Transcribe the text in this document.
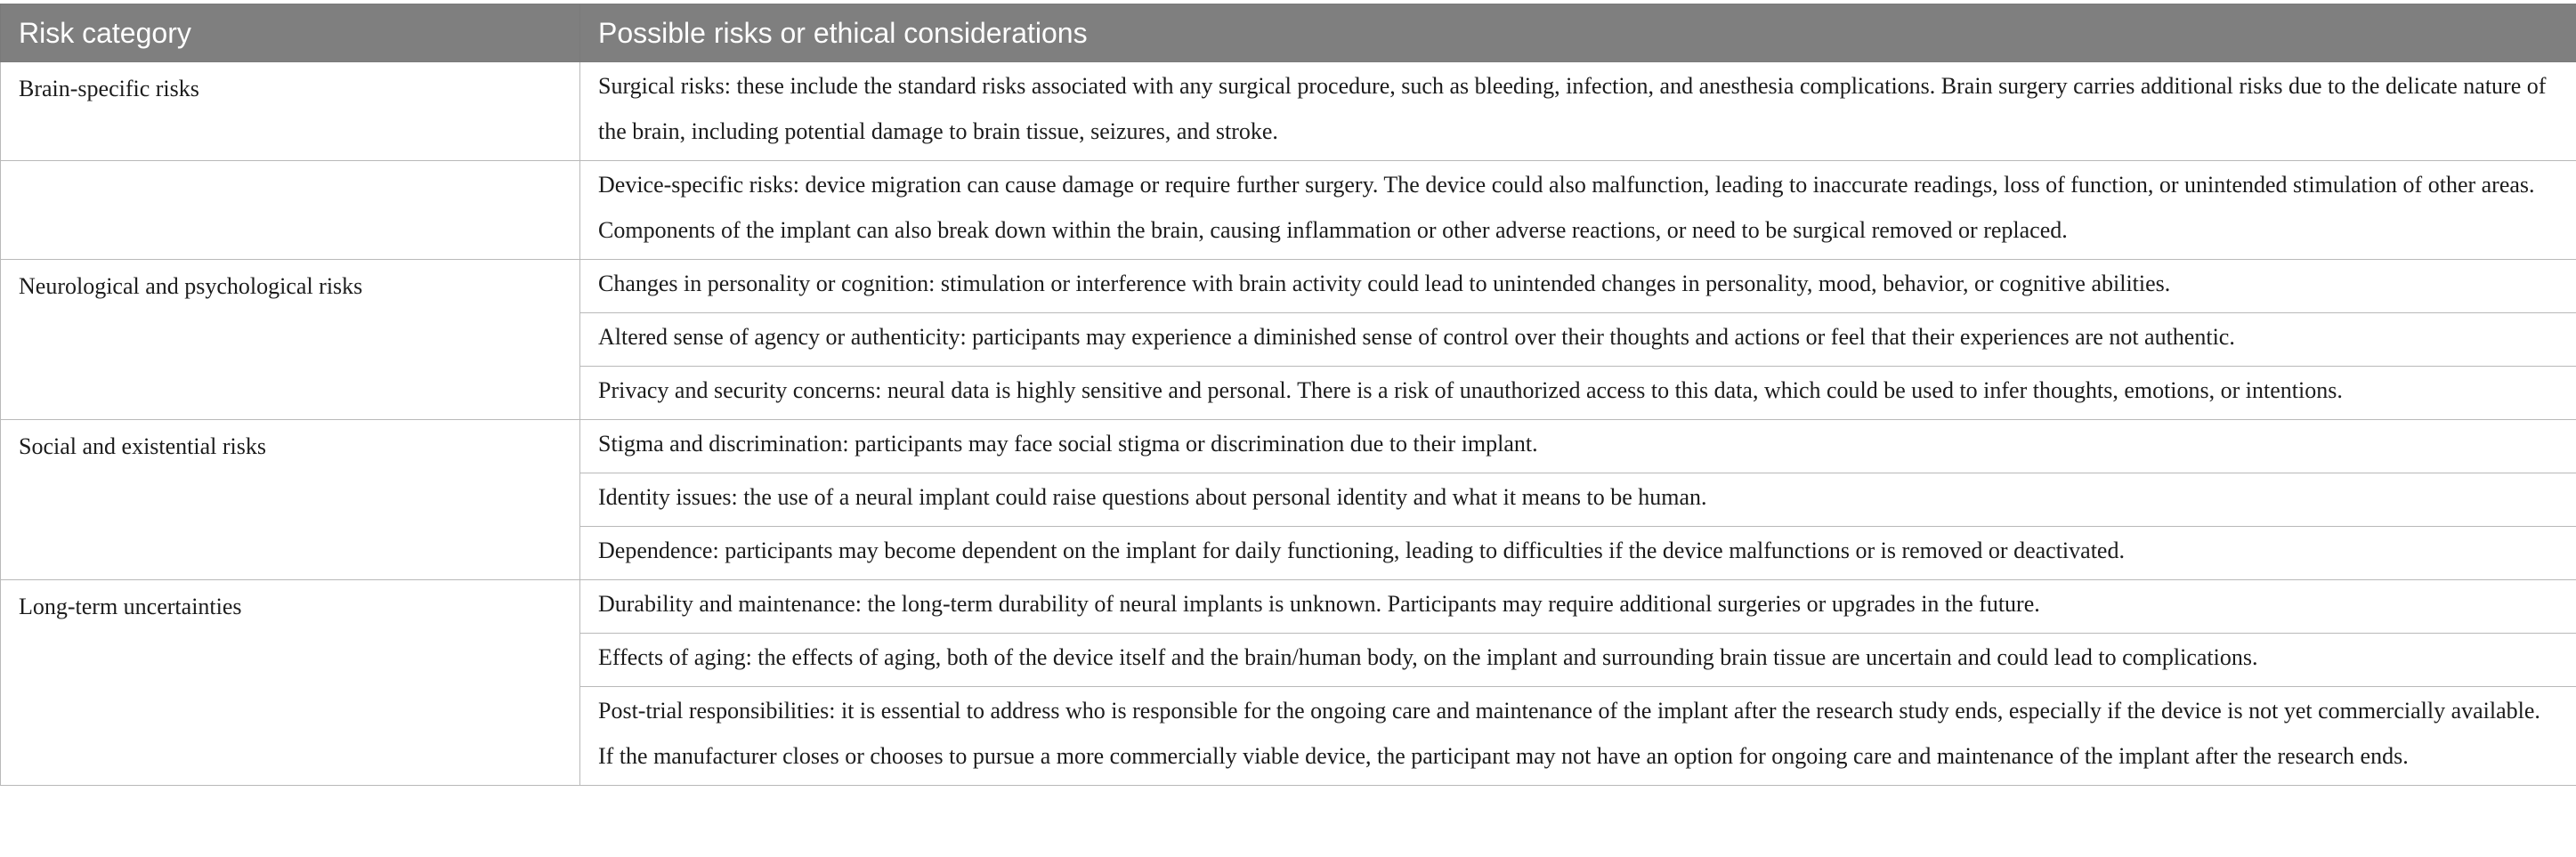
Risk category	Possible risks or ethical considerations
Brain-specific risks	Surgical risks: these include the standard risks associated with any surgical procedure, such as bleeding, infection, and anesthesia complications. Brain surgery carries additional risks due to the delicate nature of the brain, including potential damage to brain tissue, seizures, and stroke.
	Device-specific risks: device migration can cause damage or require further surgery. The device could also malfunction, leading to inaccurate readings, loss of function, or unintended stimulation of other areas. Components of the implant can also break down within the brain, causing inflammation or other adverse reactions, or need to be surgical removed or replaced.
Neurological and psychological risks	Changes in personality or cognition: stimulation or interference with brain activity could lead to unintended changes in personality, mood, behavior, or cognitive abilities.
	Altered sense of agency or authenticity: participants may experience a diminished sense of control over their thoughts and actions or feel that their experiences are not authentic.
	Privacy and security concerns: neural data is highly sensitive and personal. There is a risk of unauthorized access to this data, which could be used to infer thoughts, emotions, or intentions.
Social and existential risks	Stigma and discrimination: participants may face social stigma or discrimination due to their implant.
	Identity issues: the use of a neural implant could raise questions about personal identity and what it means to be human.
	Dependence: participants may become dependent on the implant for daily functioning, leading to difficulties if the device malfunctions or is removed or deactivated.
Long-term uncertainties	Durability and maintenance: the long-term durability of neural implants is unknown. Participants may require additional surgeries or upgrades in the future.
	Effects of aging: the effects of aging, both of the device itself and the brain/human body, on the implant and surrounding brain tissue are uncertain and could lead to complications.
	Post-trial responsibilities: it is essential to address who is responsible for the ongoing care and maintenance of the implant after the research study ends, especially if the device is not yet commercially available. If the manufacturer closes or chooses to pursue a more commercially viable device, the participant may not have an option for ongoing care and maintenance of the implant after the research ends.
